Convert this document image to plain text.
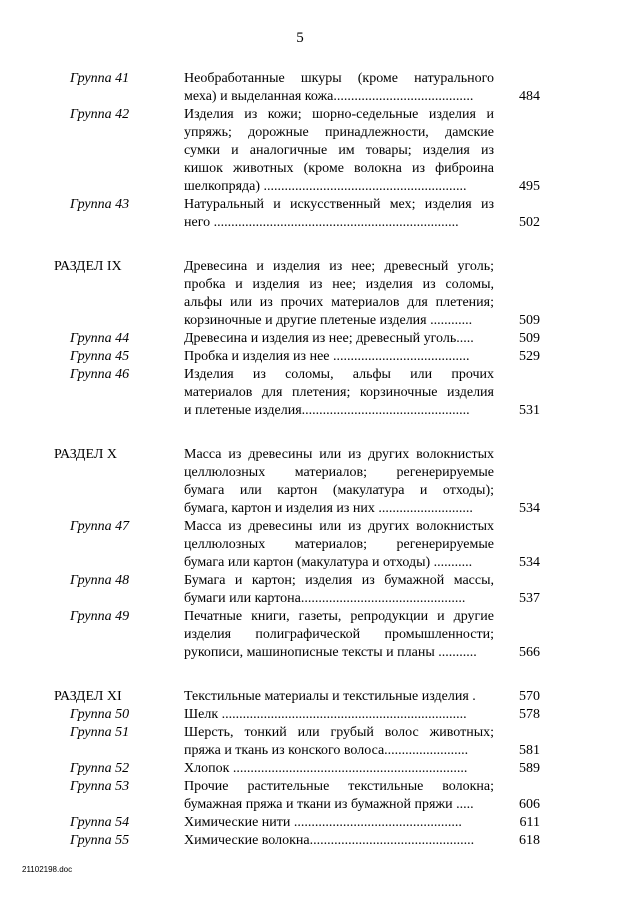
5
Группа 41	Необработанные шкуры (кроме натурального
меха) и выделанная кожа........................................	484
Группа 42	Изделия из кожи; шорно-седельные изделия и
упряжь; дорожные принадлежности, дамские
сумки и аналогичные им товары; изделия из
кишок животных (кроме волокна из фиброина
шелкопряда) ..........................................................	495
Группа 43	Натуральный и искусственный мех; изделия из
него ......................................................................	502
РАЗДЕЛ IX	Древесина и изделия из нее; древесный уголь;
пробка и изделия из нее; изделия из соломы,
альфы или из прочих материалов для плетения;
корзиночные и другие плетеные изделия ............	509
Группа 44	Древесина и изделия из нее; древесный уголь.....	509
Группа 45	Пробка и изделия из нее .......................................	529
Группа 46	Изделия из соломы, альфы или прочих
материалов для плетения; корзиночные изделия
и плетеные изделия................................................	531
РАЗДЕЛ X	Масса из древесины или из других волокнистых
целлюлозных материалов; регенерируемые
бумага или картон (макулатура и отходы);
бумага, картон и изделия из них ...........................	534
Группа 47	Масса из древесины или из других волокнистых
целлюлозных материалов; регенерируемые
бумага или картон (макулатура и отходы) ...........	534
Группа 48	Бумага и картон; изделия из бумажной массы,
бумаги или картона...............................................	537
Группа 49	Печатные книги, газеты, репродукции и другие
изделия полиграфической промышленности;
рукописи, машинописные тексты и планы ...........	566
РАЗДЕЛ XI	Текстильные материалы и текстильные изделия .	570
Группа 50	Шелк ......................................................................	578
Группа 51	Шерсть, тонкий или грубый волос животных;
пряжа и ткань из конского волоса........................	581
Группа 52	Хлопок ...................................................................	589
Группа 53	Прочие растительные текстильные волокна;
бумажная пряжа и ткани из бумажной пряжи .....	606
Группа 54	Химические нити ................................................	611
Группа 55	Химические волокна...............................................	618
21102198.doc
